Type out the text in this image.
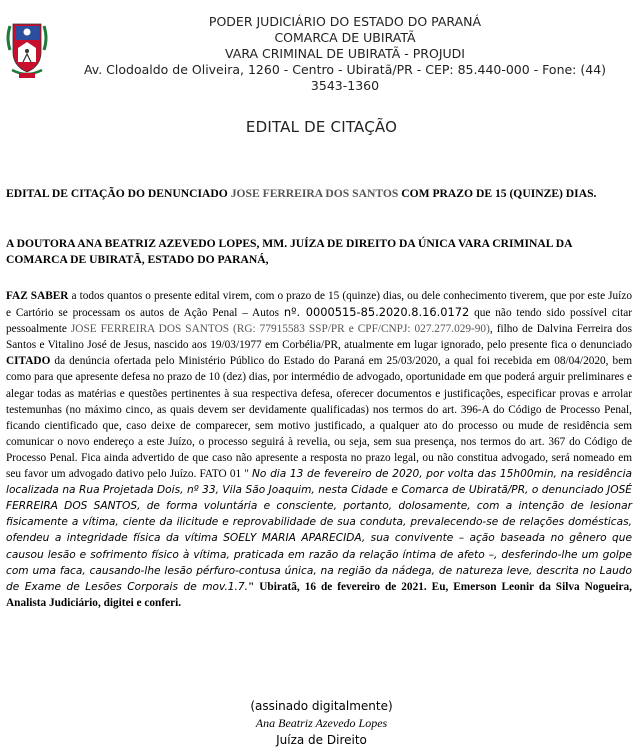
PODER JUDICIÁRIO DO ESTADO DO PARANÁ
COMARCA DE UBIRATÃ
VARA CRIMINAL DE UBIRATÃ - PROJUDI
Av. Clodoaldo de Oliveira, 1260 - Centro - Ubiratã/PR - CEP: 85.440-000 - Fone: (44)
3543-1360
EDITAL DE CITAÇÃO
EDITAL DE CITAÇÃO DO DENUNCIADO JOSE FERREIRA DOS SANTOS COM PRAZO DE 15 (QUINZE) DIAS.
A DOUTORA ANA BEATRIZ AZEVEDO LOPES, MM. JUÍZA DE DIREITO DA ÚNICA VARA CRIMINAL DA COMARCA DE UBIRATÃ, ESTADO DO PARANÁ,
FAZ SABER a todos quantos o presente edital virem, com o prazo de 15 (quinze) dias, ou dele conhecimento tiverem, que por este Juízo e Cartório se processam os autos de Ação Penal – Autos nº. 0000515-85.2020.8.16.0172 que não tendo sido possível citar pessoalmente JOSE FERREIRA DOS SANTOS (RG: 77915583 SSP/PR e CPF/CNPJ: 027.277.029-90), filho de Dalvina Ferreira dos Santos e Vitalino José de Jesus, nascido aos 19/03/1977 em Corbélia/PR, atualmente em lugar ignorado, pelo presente fica o denunciado CITADO da denúncia ofertada pelo Ministério Público do Estado do Paraná em 25/03/2020, a qual foi recebida em 08/04/2020, bem como para que apresente defesa no prazo de 10 (dez) dias, por intermédio de advogado, oportunidade em que poderá arguir preliminares e alegar todas as matérias e questões pertinentes à sua respectiva defesa, oferecer documentos e justificações, especificar provas e arrolar testemunhas (no máximo cinco, as quais devem ser devidamente qualificadas) nos termos do art. 396-A do Código de Processo Penal, ficando cientificado que, caso deixe de comparecer, sem motivo justificado, a qualquer ato do processo ou mude de residência sem comunicar o novo endereço a este Juízo, o processo seguirá à revelia, ou seja, sem sua presença, nos termos do art. 367 do Código de Processo Penal. Fica ainda advertido de que caso não apresente a resposta no prazo legal, ou não constitua advogado, será nomeado em seu favor um advogado dativo pelo Juízo. FATO 01 " No dia 13 de fevereiro de 2020, por volta das 15h00min, na residência localizada na Rua Projetada Dois, nº 33, Vila São Joaquim, nesta Cidade e Comarca de Ubiratã/PR, o denunciado JOSÉ FERREIRA DOS SANTOS, de forma voluntária e consciente, portanto, dolosamente, com a intenção de lesionar fisicamente a vítima, ciente da ilicitude e reprovabilidade de sua conduta, prevalecendo-se de relações domésticas, ofendeu a integridade física da vítima SOELY MARIA APARECIDA, sua convivente – ação baseada no gênero que causou lesão e sofrimento físico à vítima, praticada em razão da relação íntima de afeto –, desferindo-lhe um golpe com uma faca, causando-lhe lesão pérfuro-contusa única, na região da nádega, de natureza leve, descrita no Laudo de Exame de Lesões Corporais de mov.1.7." Ubiratã, 16 de fevereiro de 2021. Eu, Emerson Leonir da Silva Nogueira, Analista Judiciário, digitei e conferi.
(assinado digitalmente)
Ana Beatriz Azevedo Lopes
Juíza de Direito
